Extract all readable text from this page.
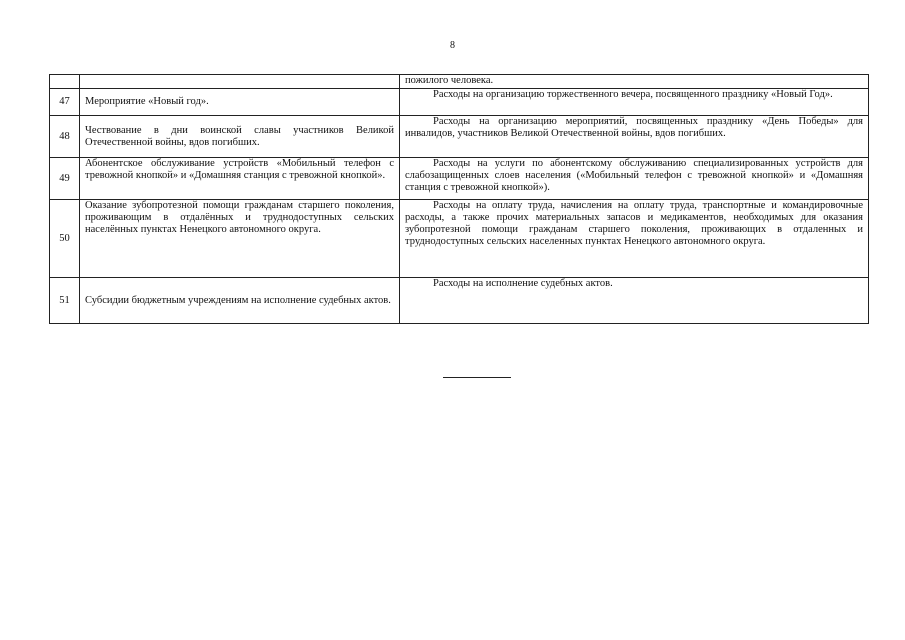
8
		пожилого человека.
47	Мероприятие «Новый год».	Расходы на организацию торжественного вечера, посвященного празднику «Новый Год».

48	Чествование в дни воинской славы участников Великой Отечественной войны, вдов погибших.	Расходы на организацию мероприятий, посвященных празднику «День Победы» для инвалидов, участников Великой Отечественной войны, вдов погибших.

49	Абонентское обслуживание устройств «Мобильный телефон с тревожной кнопкой» и «Домашняя станция с тревожной кнопкой».	Расходы на услуги по абонентскому обслуживанию специализированных устройств для слабозащищенных слоев населения («Мобильный телефон с тревожной кнопкой» и «Домашняя станция с тревожной кнопкой»).

50	Оказание зубопротезной помощи гражданам старшего поколения, проживающим в отдалённых и труднодоступных сельских населённых пунктах Ненецкого автономного округа.	Расходы на оплату труда, начисления на оплату труда, транспортные и командировочные расходы, а также прочих материальных запасов и медикаментов, необходимых для оказания зубопротезной помощи гражданам старшего поколения, проживающих в отдаленных и труднодоступных сельских населенных пунктах Ненецкого автономного округа.

51	Субсидии бюджетным учреждениям на исполнение судебных актов.	Расходы на исполнение судебных актов.
